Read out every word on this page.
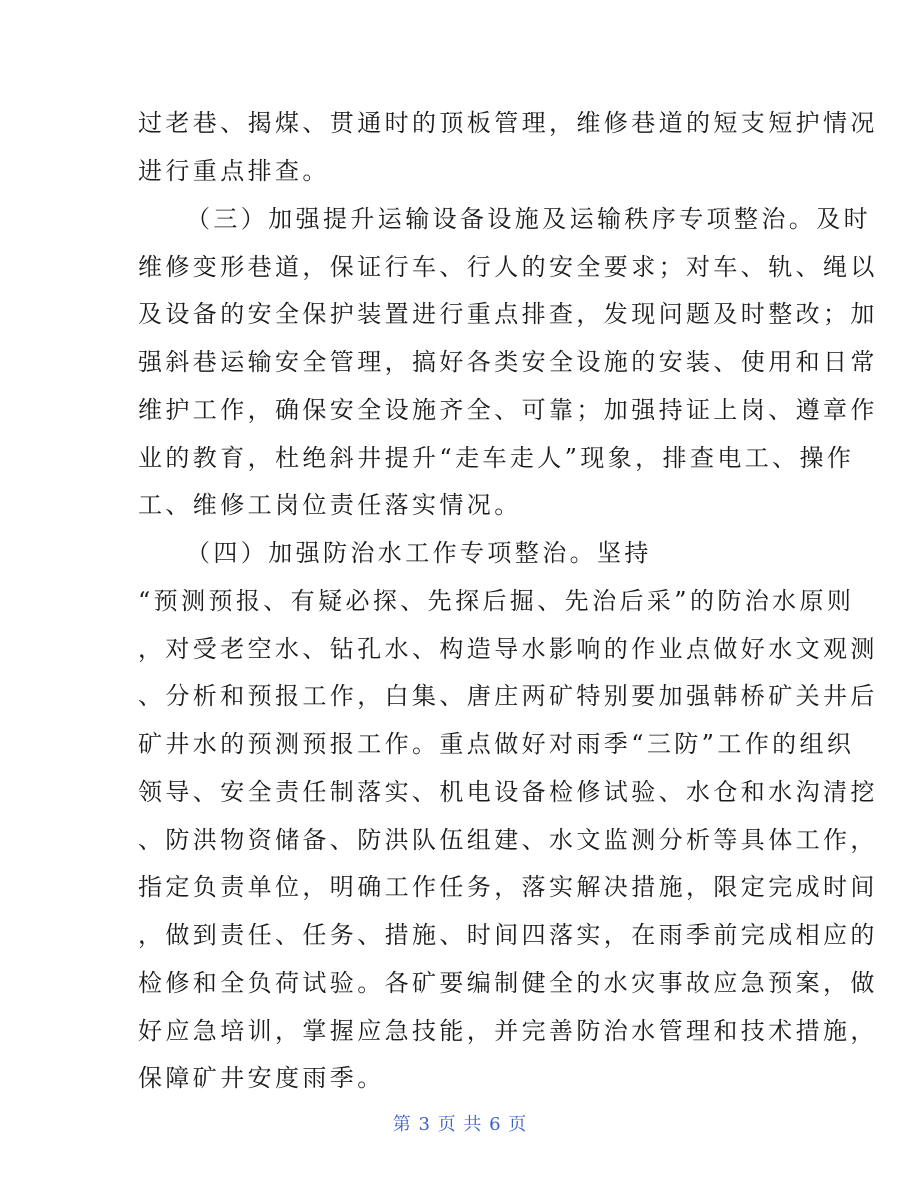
过老巷、揭煤、贯通时的顶板管理，维修巷道的短支短护情况

进行重点排查。

（三）加强提升运输设备设施及运输秩序专项整治。及时

维修变形巷道，保证行车、行人的安全要求；对车、轨、绳以

及设备的安全保护装置进行重点排查，发现问题及时整改；加

强斜巷运输安全管理，搞好各类安全设施的安装、使用和日常

维护工作，确保安全设施齐全、可靠；加强持证上岗、遵章作

业的教育，杜绝斜井提升“走车走人”现象，排查电工、操作

工、维修工岗位责任落实情况。

（四）加强防治水工作专项整治。坚持

“预测预报、有疑必探、先探后掘、先治后采”的防治水原则

，对受老空水、钻孔水、构造导水影响的作业点做好水文观测

、分析和预报工作，白集、唐庄两矿特别要加强韩桥矿关井后

矿井水的预测预报工作。重点做好对雨季“三防”工作的组织

领导、安全责任制落实、机电设备检修试验、水仓和水沟清挖

、防洪物资储备、防洪队伍组建、水文监测分析等具体工作，

指定负责单位，明确工作任务，落实解决措施，限定完成时间

，做到责任、任务、措施、时间四落实，在雨季前完成相应的

检修和全负荷试验。各矿要编制健全的水灾事故应急预案，做

好应急培训，掌握应急技能，并完善防治水管理和技术措施，

保障矿井安度雨季。

第 3 页 共 6 页
